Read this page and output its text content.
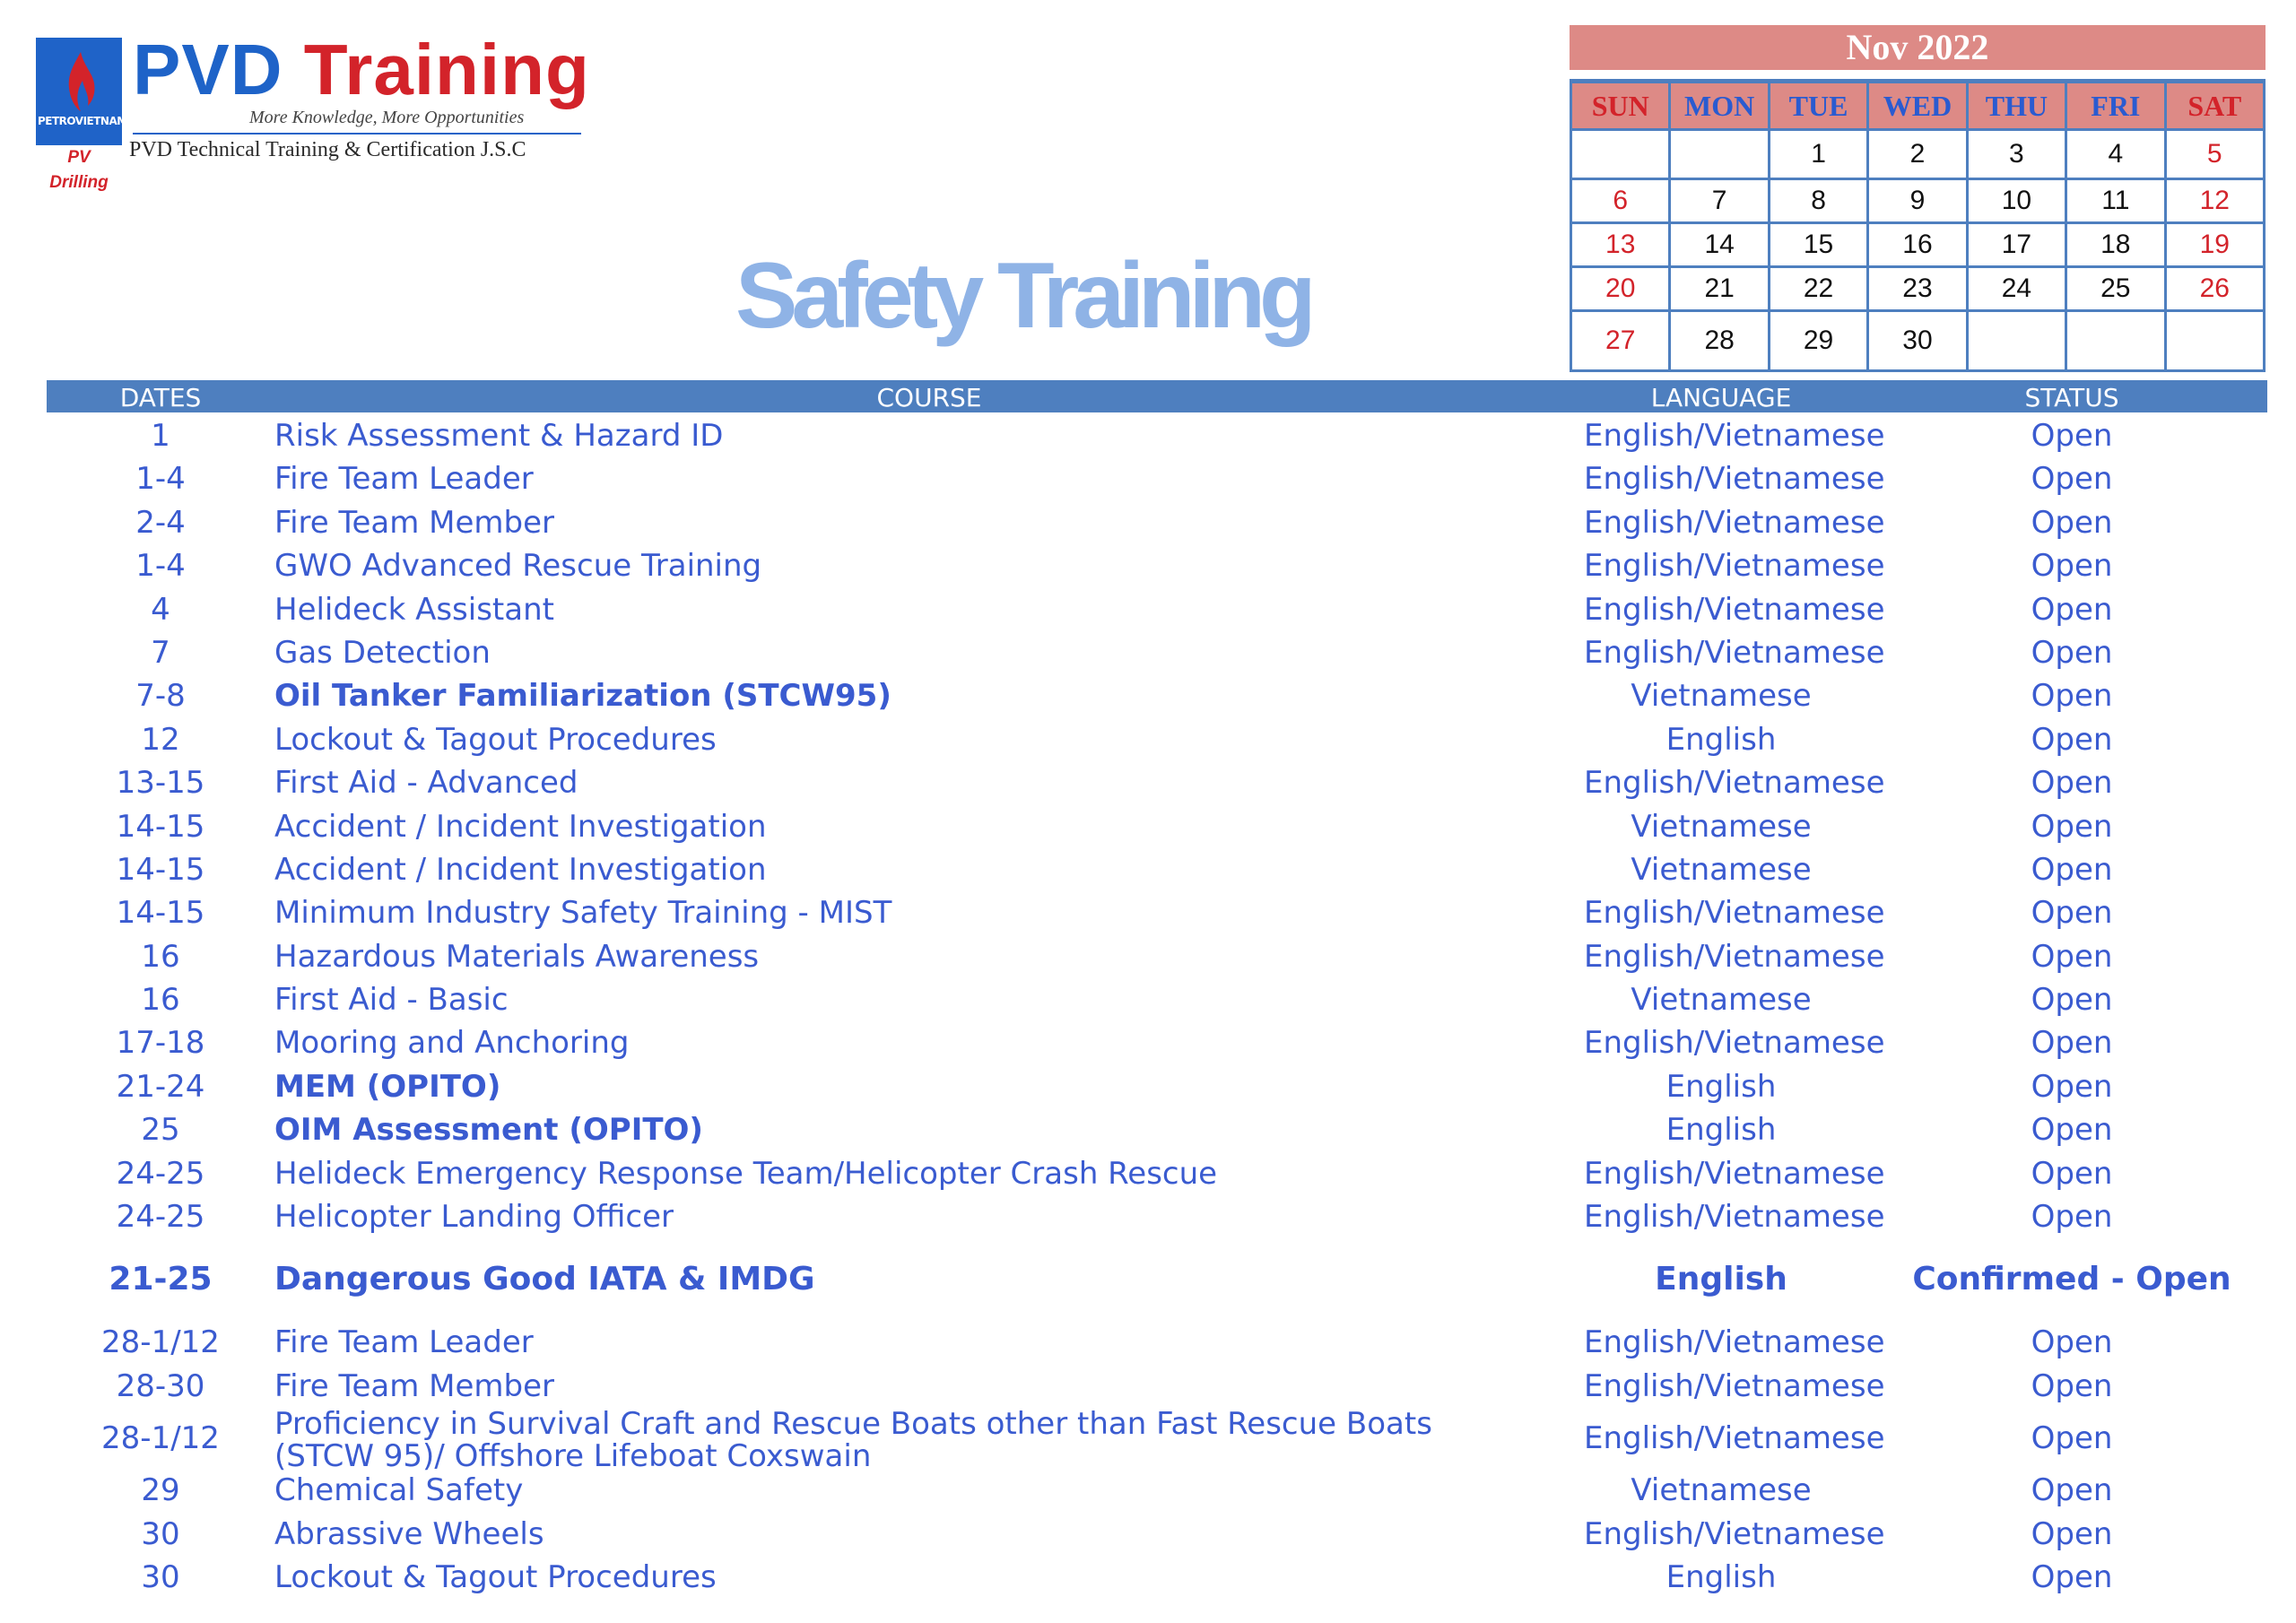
PETROVIETNAM
PV Drilling
PVD Training
More Knowledge, More Opportunities
PVD Technical Training & Certification J.S.C
Safety Training
Nov 2022
SUN	MON	TUE	WED	THU	FRI	SAT
		1	2	3	4	5
6	7	8	9	10	11	12
13	14	15	16	17	18	19
20	21	22	23	24	25	26
27	28	29	30			
DATES	COURSE	LANGUAGE	STATUS
1	Risk Assessment & Hazard ID	English/Vietnamese	Open
1-4	Fire Team Leader	English/Vietnamese	Open
2-4	Fire Team Member	English/Vietnamese	Open
1-4	GWO Advanced Rescue Training	English/Vietnamese	Open
4	Helideck Assistant	English/Vietnamese	Open
7	Gas Detection	English/Vietnamese	Open
7-8	Oil Tanker Familiarization (STCW95)	Vietnamese	Open
12	Lockout & Tagout Procedures	English	Open
13-15	First Aid - Advanced	English/Vietnamese	Open
14-15	Accident / Incident Investigation	Vietnamese	Open
14-15	Accident / Incident Investigation	Vietnamese	Open
14-15	Minimum Industry Safety Training - MIST	English/Vietnamese	Open
16	Hazardous Materials Awareness	English/Vietnamese	Open
16	First Aid - Basic	Vietnamese	Open
17-18	Mooring and Anchoring	English/Vietnamese	Open
21-24	MEM (OPITO)	English	Open
25	OIM Assessment (OPITO)	English	Open
24-25	Helideck Emergency Response Team/Helicopter Crash Rescue	English/Vietnamese	Open
24-25	Helicopter Landing Officer	English/Vietnamese	Open
21-25	Dangerous Good IATA & IMDG	English	Confirmed - Open
28-1/12	Fire Team Leader	English/Vietnamese	Open
28-30	Fire Team Member	English/Vietnamese	Open
28-1/12	Proficiency in Survival Craft and Rescue Boats other than Fast Rescue Boats (STCW 95)/ Offshore Lifeboat Coxswain	English/Vietnamese	Open
29	Chemical Safety	Vietnamese	Open
30	Abrassive Wheels	English/Vietnamese	Open
30	Lockout & Tagout Procedures	English	Open
